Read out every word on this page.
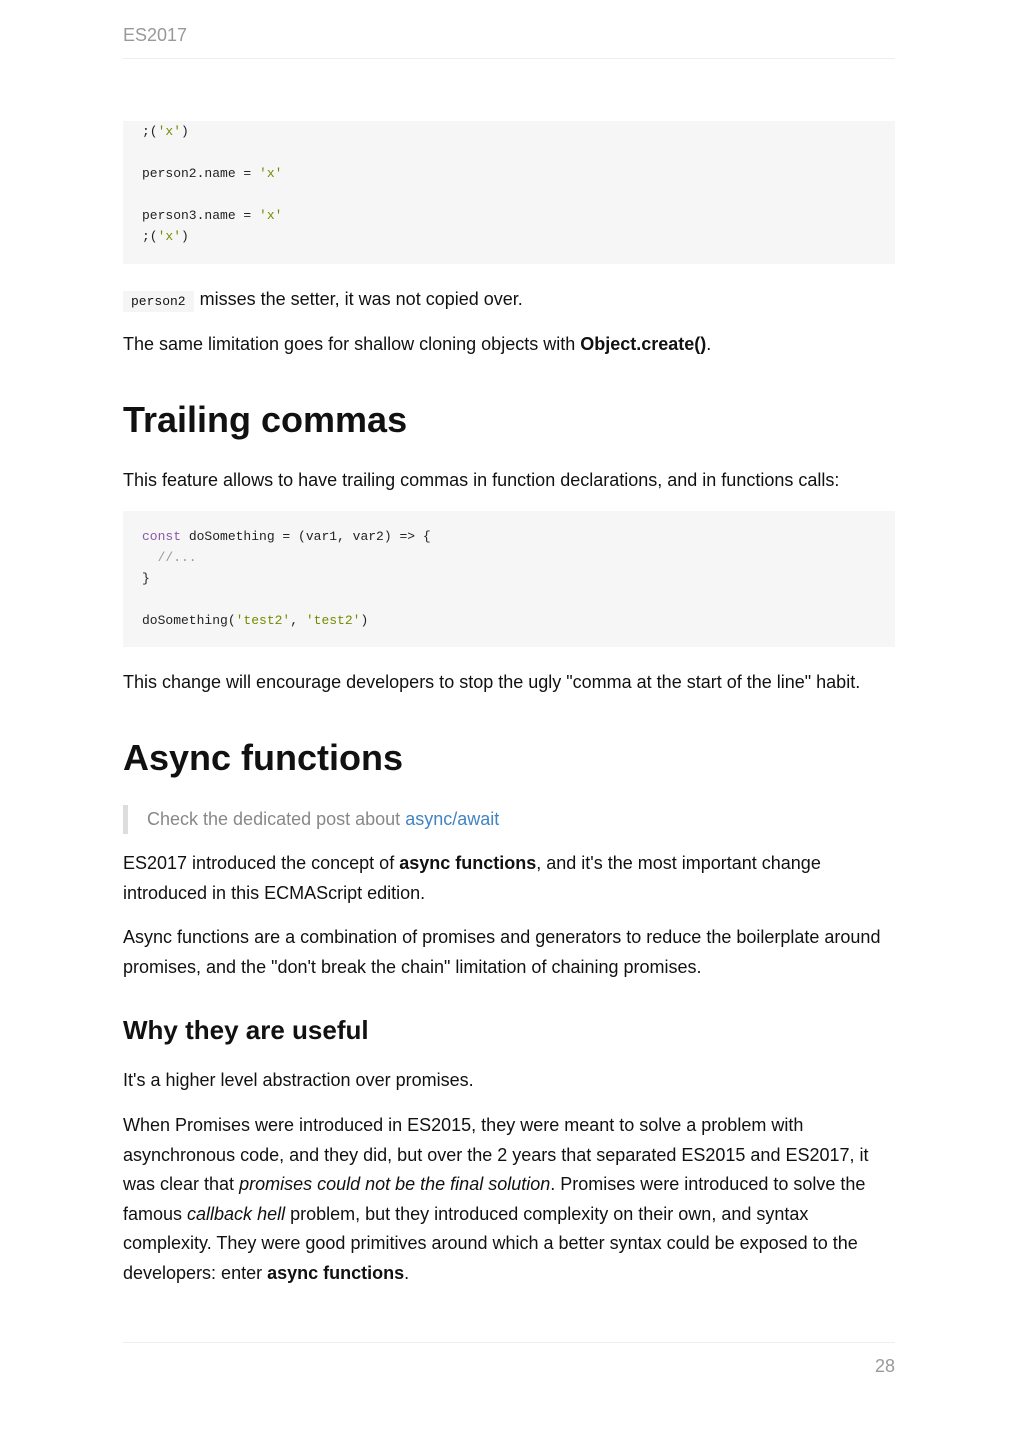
ES2017
;('x')
person2.name = 'x'
person3.name = 'x'
;('x')
person2 misses the setter, it was not copied over.
The same limitation goes for shallow cloning objects with Object.create().
Trailing commas
This feature allows to have trailing commas in function declarations, and in functions calls:
const doSomething = (var1, var2) => {
//...
}
doSomething('test2', 'test2')
This change will encourage developers to stop the ugly "comma at the start of the line" habit.
Async functions
Check the dedicated post about async/await
ES2017 introduced the concept of async functions, and it's the most important change introduced in this ECMAScript edition.
Async functions are a combination of promises and generators to reduce the boilerplate around promises, and the "don't break the chain" limitation of chaining promises.
Why they are useful
It's a higher level abstraction over promises.
When Promises were introduced in ES2015, they were meant to solve a problem with asynchronous code, and they did, but over the 2 years that separated ES2015 and ES2017, it was clear that promises could not be the final solution. Promises were introduced to solve the famous callback hell problem, but they introduced complexity on their own, and syntax complexity. They were good primitives around which a better syntax could be exposed to the developers: enter async functions.
28
